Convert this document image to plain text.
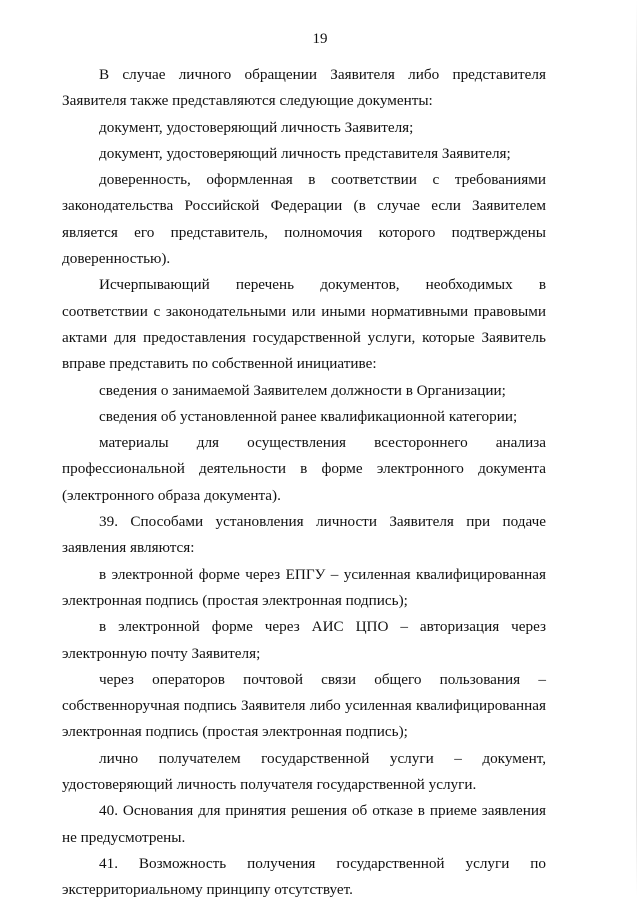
19

В случае личного обращении Заявителя либо представителя Заявителя также представляются следующие документы:

документ, удостоверяющий личность Заявителя;

документ, удостоверяющий личность представителя Заявителя;

доверенность, оформленная в соответствии с требованиями законодательства Российской Федерации (в случае если Заявителем является его представитель, полномочия которого подтверждены доверенностью).

Исчерпывающий перечень документов, необходимых в соответствии с законодательными или иными нормативными правовыми актами для предоставления государственной услуги, которые Заявитель вправе представить по собственной инициативе:

сведения о занимаемой Заявителем должности в Организации;

сведения об установленной ранее квалификационной категории;

материалы для осуществления всестороннего анализа профессиональной деятельности в форме электронного документа (электронного образа документа).

39. Способами установления личности Заявителя при подаче заявления являются:

в электронной форме через ЕПГУ – усиленная квалифицированная электронная подпись (простая электронная подпись);

в электронной форме через АИС ЦПО – авторизация через электронную почту Заявителя;

через операторов почтовой связи общего пользования – собственноручная подпись Заявителя либо усиленная квалифицированная электронная подпись (простая электронная подпись);

лично получателем государственной услуги – документ, удостоверяющий личность получателя государственной услуги.

40. Основания для принятия решения об отказе в приеме заявления не предусмотрены.

41. Возможность получения государственной услуги по экстерриториальному принципу отсутствует.
